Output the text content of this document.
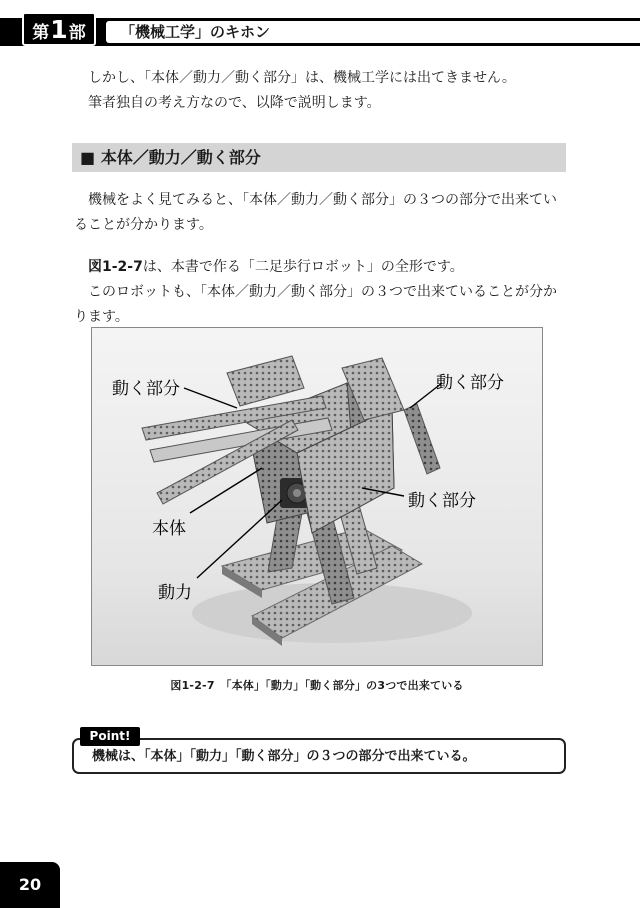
第 1 部	「機械工学」のキホン

しかし、「本体／動力／動く部分」は、機械工学には出てきません。

筆者独自の考え方なので、以降で説明します。

■ 本体／動力／動く部分

機械をよく見てみると、「本体／動力／動く部分」の３つの部分で出来てい

ることが分かります。

図1-2-7は、本書で作る「二足歩行ロボット」の全形です。

このロボットも、「本体／動力／動く部分」の３つで出来ていることが分か

ります。

動く部分	動く部分
動く部分
本体
動力
図1-2-7　「本体」「動力」「動く部分」の3つで出来ている
Point!
機械は、「本体」「動力」「動く部分」の３つの部分で出来ている。
20
